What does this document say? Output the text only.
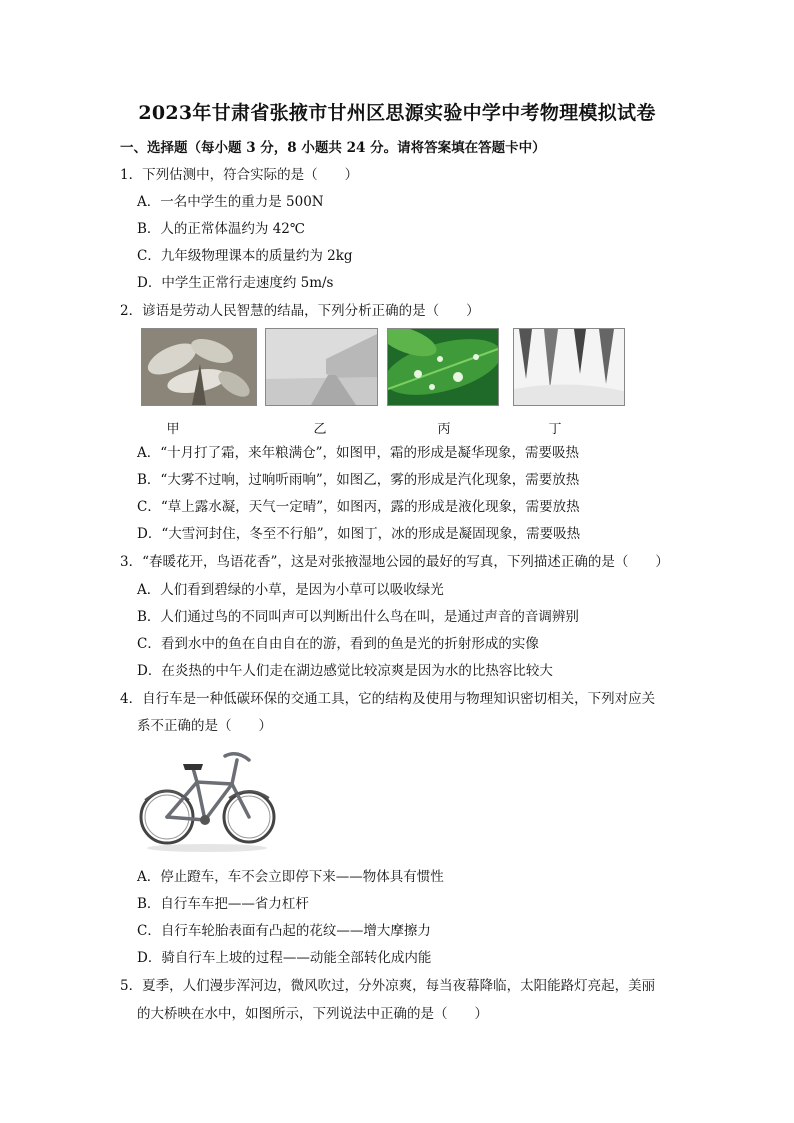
2023年甘肃省张掖市甘州区思源实验中学中考物理模拟试卷
一、选择题（每小题 3 分，8 小题共 24 分。请将答案填在答题卡中）
1．下列估测中，符合实际的是（　　）
A．一名中学生的重力是 500N
B．人的正常体温约为 42℃
C．九年级物理课本的质量约为 2kg
D．中学生正常行走速度约 5m/s
2．谚语是劳动人民智慧的结晶，下列分析正确的是（　　）
甲	乙	丙	丁
A．“十月打了霜，来年粮满仓”，如图甲，霜的形成是凝华现象，需要吸热
B．“大雾不过响，过响听雨响”，如图乙，雾的形成是汽化现象，需要放热
C．“草上露水凝，天气一定晴”，如图丙，露的形成是液化现象，需要放热
D．“大雪河封住，冬至不行船”，如图丁，冰的形成是凝固现象，需要吸热
3．“春暖花开，鸟语花香”，这是对张掖湿地公园的最好的写真，下列描述正确的是（　　）
A．人们看到碧绿的小草，是因为小草可以吸收绿光
B．人们通过鸟的不同叫声可以判断出什么鸟在叫，是通过声音的音调辨别
C．看到水中的鱼在自由自在的游，看到的鱼是光的折射形成的实像
D．在炎热的中午人们走在湖边感觉比较凉爽是因为水的比热容比较大
4．自行车是一种低碳环保的交通工具，它的结构及使用与物理知识密切相关，下列对应关
系不正确的是（　　）
A．停止蹬车，车不会立即停下来——物体具有惯性
B．自行车车把——省力杠杆
C．自行车轮胎表面有凸起的花纹——增大摩擦力
D．骑自行车上坡的过程——动能全部转化成内能
5．夏季，人们漫步浑河边，微风吹过，分外凉爽，每当夜幕降临，太阳能路灯亮起，美丽
的大桥映在水中，如图所示，下列说法中正确的是（　　）
